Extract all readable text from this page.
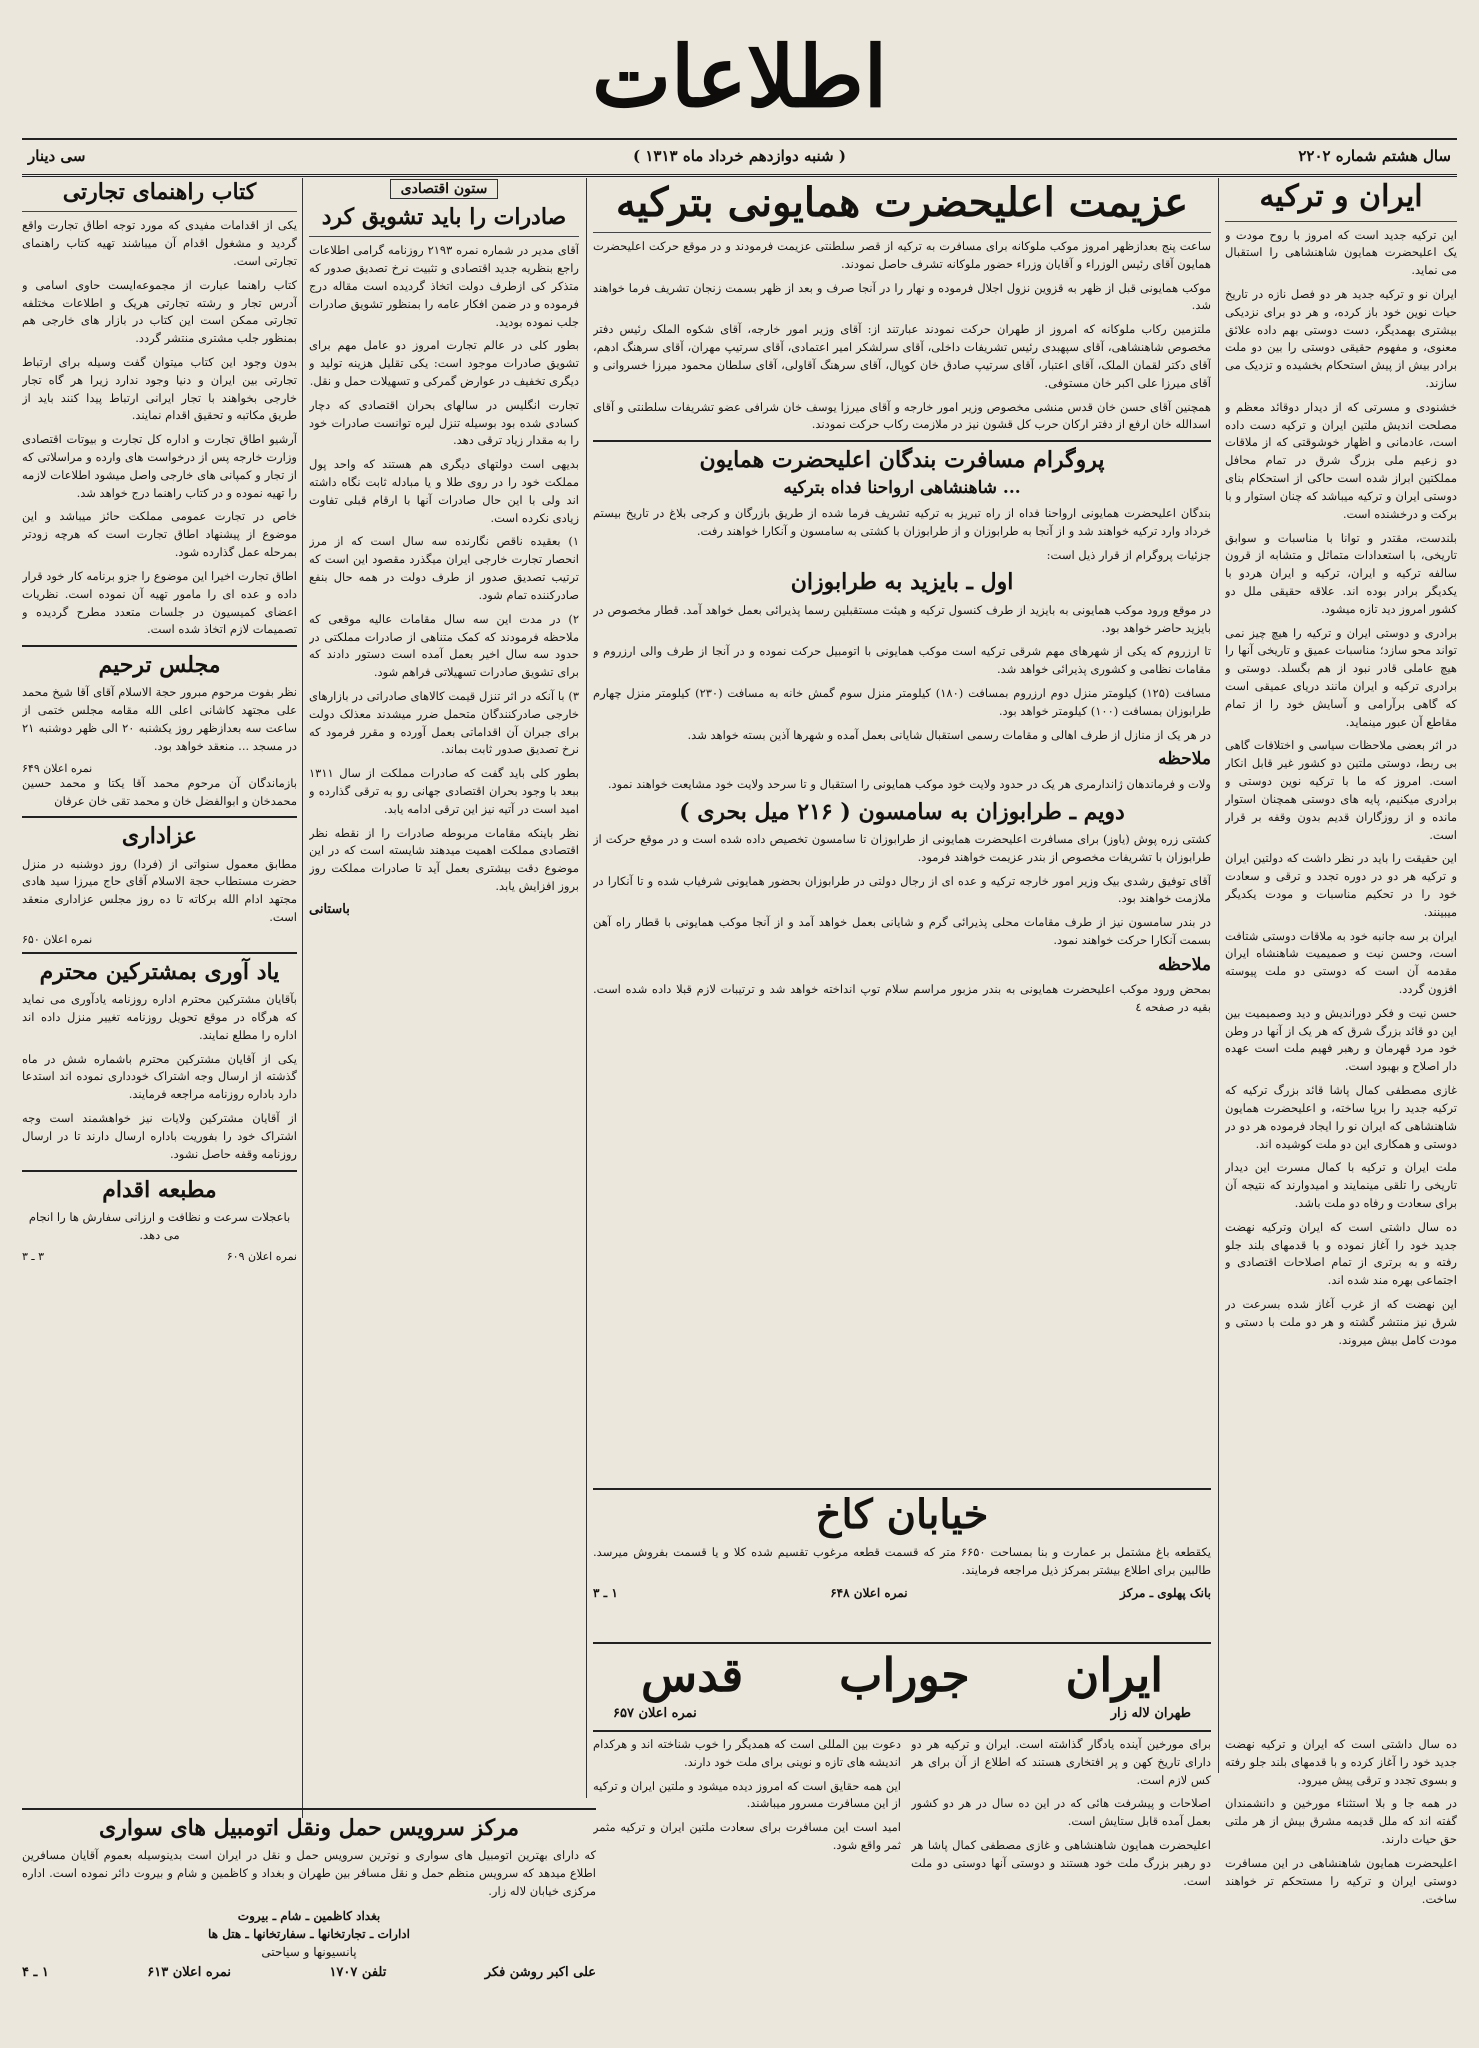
اطلاعات
سال هشتم شماره ۲۲۰۲
( شنبه دوازدهم خرداد ماه ۱۳۱۳ )
سی دینار
ایران و ترکیه

این ترکیه جدید است که امروز با روح مودت و یک اعلیحضرت همایون شاهنشاهی را استقبال می نماید.

ایران نو و ترکیه جدید هر دو فصل نازه در تاریخ حیات نوین خود باز کرده، و هر دو برای نزدیکی بیشتری بهمدیگر، دست دوستی بهم داده علائق معنوی، و مفهوم حقیقی دوستی را بین دو ملت برادر بیش از پیش استحکام بخشیده و تزدیک می سازند.

خشنودی و مسرتی که از دیدار دوقائد معظم و مصلحت اندیش ملتین ایران و ترکیه دست داده است، عادمانی و اظهار خوشوقتی که از ملاقات دو زعیم ملی بزرگ شرق در تمام محافل مملکتین ابراز شده است حاکی از استحکام بنای دوستی ایران و ترکیه میباشد که چنان استوار و با برکت و درخشنده است.

بلندست، مقتدر و توانا با مناسبات و سوابق تاریخی، با استعدادات متماثل و متشابه از قرون سالفه ترکیه و ایران، ترکیه و ایران هردو با یکدیگر برادر بوده اند. علاقه حقیقی ملل دو کشور امروز دید تازه میشود.

برادری و دوستی ایران و ترکیه را هیچ چیز نمی تواند محو سازد؛ مناسبات عمیق و تاریخی آنها را هیچ عاملی قادر نبود از هم بگسلد. دوستی و برادری ترکیه و ایران مانند دریای عمیقی است که گاهی برآرامی و آسایش خود را از تمام مقاطع آن عبور مینماید.

در اثر بعضی ملاحظات سیاسی و اختلافات گاهی بی ربط، دوستی ملتین دو کشور غیر قابل انکار است. امروز که ما با ترکیه نوین دوستی و برادری میکنیم، پایه های دوستی همچنان استوار مانده و از روزگاران قدیم بدون وقفه بر قرار است.

این حقیقت را باید در نظر داشت که دولتین ایران و ترکیه هر دو در دوره تجدد و ترقی و سعادت خود را در تحکیم مناسبات و مودت یکدیگر میبینند.

ایران بر سه جانبه خود به ملاقات دوستی شتافت است، وحسن نیت و صمیمیت شاهنشاه ایران مقدمه آن است که دوستی دو ملت پیوسته افزون گردد.

حسن نیت و فکر دوراندیش و دید وصمیمیت بین این دو قائد بزرگ شرق که هر یک از آنها در وطن خود مرد قهرمان و رهبر فهیم ملت است عهده دار اصلاح و بهبود است.

غازی مصطفی کمال پاشا قائد بزرگ ترکیه که ترکیه جدید را برپا ساخته، و اعلیحضرت همایون شاهنشاهی که ایران نو را ایجاد فرموده هر دو در دوستی و همکاری این دو ملت کوشیده اند.

ملت ایران و ترکیه با کمال مسرت این دیدار تاریخی را تلقی مینمایند و امیدوارند که نتیجه آن برای سعادت و رفاه دو ملت باشد.

ده سال داشتی است که ایران وترکیه نهضت جدید خود را آغاز نموده و با قدمهای بلند جلو رفته و به برتری از تمام اصلاحات اقتصادی و اجتماعی بهره مند شده اند.

این نهضت که از غرب آغاز شده بسرعت در شرق نیز منتشر گشته و هر دو ملت با دستی و مودت کامل بیش میروند.

عزیمت اعلیحضرت همایونی بترکیه

ساعت پنج بعدازظهر امروز موکب ملوکانه برای مسافرت به ترکیه از قصر سلطنتی عزیمت فرمودند و در موقع حرکت اعلیحضرت همایون آقای رئیس الوزراء و آقایان وزراء حضور ملوکانه تشرف حاصل نمودند.

موکب همایونی قبل از ظهر به قزوین نزول اجلال فرموده و نهار را در آنجا صرف و بعد از ظهر بسمت زنجان تشریف فرما خواهند شد.

ملتزمین رکاب ملوکانه که امروز از طهران حرکت نمودند عبارتند از: آقای وزیر امور خارجه، آقای شکوه الملک رئیس دفتر مخصوص شاهنشاهی، آقای سپهبدی رئیس تشریفات داخلی، آقای سرلشکر امیر اعتمادی، آقای سرتیپ مهران، آقای سرهنگ ادهم، آقای دکتر لقمان الملک، آقای اعتبار، آقای سرتیپ صادق خان کوپال، آقای سرهنگ آقاولی، آقای سلطان محمود میرزا خسروانی و آقای میرزا علی اکبر خان مستوفی.

همچنین آقای حسن خان قدس منشی مخصوص وزیر امور خارجه و آقای میرزا یوسف خان شرافی عضو تشریفات سلطنتی و آقای اسدالله خان ارفع از دفتر ارکان حرب کل قشون نیز در ملازمت رکاب حرکت نمودند.

پروگرام مسافرت بندگان اعلیحضرت همایون
... شاهنشاهی ارواحنا فداه بترکیه

بندگان اعلیحضرت همایونی ارواحنا فداه از راه تبریز به ترکیه تشریف فرما شده از طریق بازرگان و کرجی بلاغ در تاریخ بیستم خرداد وارد ترکیه خواهند شد و از آنجا به طرابوزان و از طرابوزان با کشتی به سامسون و آنکارا خواهند رفت.

جزئیات پروگرام از قرار ذیل است:

اول ـ بایزید به طرابوزان

در موقع ورود موکب همایونی به بایزید از طرف کنسول ترکیه و هیئت مستقبلین رسما پذیرائی بعمل خواهد آمد. قطار مخصوص در بایزید حاضر خواهد بود.

تا ارزروم که یکی از شهرهای مهم شرقی ترکیه است موکب همایونی با اتومبیل حرکت نموده و در آنجا از طرف والی ارزروم و مقامات نظامی و کشوری پذیرائی خواهد شد.

مسافت (۱۲۵) کیلومتر منزل دوم ارزروم بمسافت (۱۸۰) کیلومتر منزل سوم گمش خانه به مسافت (۲۳۰) کیلومتر منزل چهارم طرابوزان بمسافت (۱۰۰) کیلومتر خواهد بود.

در هر یک از منازل از طرف اهالی و مقامات رسمی استقبال شایانی بعمل آمده و شهرها آذین بسته خواهد شد.

ملاحظه

ولات و فرماندهان ژاندارمری هر یک در حدود ولایت خود موکب همایونی را استقبال و تا سرحد ولایت خود مشایعت خواهند نمود.

دویم ـ طرابوزان به سامسون ( ۲۱۶ میل بحری )

کشتی زره پوش (یاوز) برای مسافرت اعلیحضرت همایونی از طرابوزان تا سامسون تخصیص داده شده است و در موقع حرکت از طرابوزان با تشریفات مخصوص از بندر عزیمت خواهند فرمود.

آقای توفیق رشدی بیک وزیر امور خارجه ترکیه و عده ای از رجال دولتی در طرابوزان بحضور همایونی شرفیاب شده و تا آنکارا در ملازمت خواهند بود.

در بندر سامسون نیز از طرف مقامات محلی پذیرائی گرم و شایانی بعمل خواهد آمد و از آنجا موکب همایونی با قطار راه آهن بسمت آنکارا حرکت خواهند نمود.

ملاحظه

بمحض ورود موکب اعلیحضرت همایونی به بندر مزبور مراسم سلام توپ انداخته خواهد شد و ترتیبات لازم قبلا داده شده است. بقیه در صفحه ٤

خیابان کاخ

یکقطعه باغ مشتمل بر عمارت و بنا بمساحت ۶۶۵۰ متر که قسمت قطعه مرغوب تقسیم شده کلا و یا قسمت بفروش میرسد. طالبین برای اطلاع بیشتر بمرکز ذیل مراجعه فرمایند.

بانک پهلوی ـ مرکز
نمره اعلان ۶۴۸
۱ ـ ۳
ایران
جوراب
قدس
طهران لاله زار
نمره اعلان ۶۵۷

ده سال داشتی است که ایران و ترکیه نهضت جدید خود را آغاز کرده و با قدمهای بلند جلو رفته و بسوی تجدد و ترقی پیش میرود.

در همه جا و بلا استثناء مورخین و دانشمندان گفته اند که ملل قدیمه مشرق بیش از هر ملتی حق حیات دارند.

اعلیحضرت همایون شاهنشاهی در این مسافرت دوستی ایران و ترکیه را مستحکم تر خواهند ساخت.

برای مورخین آینده یادگار گذاشته است. ایران و ترکیه هر دو دارای تاریخ کهن و پر افتخاری هستند که اطلاع از آن برای هر کس لازم است.

اصلاحات و پیشرفت هائی که در این ده سال در هر دو کشور بعمل آمده قابل ستایش است.

اعلیحضرت همایون شاهنشاهی و غازی مصطفی کمال پاشا هر دو رهبر بزرگ ملت خود هستند و دوستی آنها دوستی دو ملت است.

دعوت بین المللی است که همدیگر را خوب شناخته اند و هرکدام اندیشه های تازه و نوینی برای ملت خود دارند.

این همه حقایق است که امروز دیده میشود و ملتین ایران و ترکیه از این مسافرت مسرور میباشند.

امید است این مسافرت برای سعادت ملتین ایران و ترکیه مثمر ثمر واقع شود.

ستون اقتصادی
صادرات را باید تشویق کرد

آقای مدیر در شماره نمره ۲۱۹۳ روزنامه گرامی اطلاعات راجع بنظریه جدید اقتصادی و تثبیت نرخ تصدیق صدور که متذکر کی ازطرف دولت اتخاذ گردیده است مقاله درج فرموده و در ضمن افکار عامه را بمنظور تشویق صادرات جلب نموده بودید.

بطور کلی در عالم تجارت امروز دو عامل مهم برای تشویق صادرات موجود است: یکی تقلیل هزینه تولید و دیگری تخفیف در عوارض گمرکی و تسهیلات حمل و نقل.

تجارت انگلیس در سالهای بحران اقتصادی که دچار کسادی شده بود بوسیله تنزل لیره توانست صادرات خود را به مقدار زیاد ترقی دهد.

بدیهی است دولتهای دیگری هم هستند که واحد پول مملکت خود را در روی طلا و یا مبادله ثابت نگاه داشته اند ولی با این حال صادرات آنها با ارقام قبلی تفاوت زیادی نکرده است.

۱) بعقیده ناقص نگارنده سه سال است که از مرز انحصار تجارت خارجی ایران میگذرد مقصود این است که ترتیب تصدیق صدور از طرف دولت در همه حال بنفع صادرکننده تمام شود.

۲) در مدت این سه سال مقامات عالیه موقعی که ملاحظه فرمودند که کمک متناهی از صادرات مملکتی در حدود سه سال اخیر بعمل آمده است دستور دادند که برای تشویق صادرات تسهیلاتی فراهم شود.

۳) با آنکه در اثر تنزل قیمت کالاهای صادراتی در بازارهای خارجی صادرکنندگان متحمل ضرر میشدند معذلک دولت برای جبران آن اقداماتی بعمل آورده و مقرر فرمود که نرخ تصدیق صدور ثابت بماند.

بطور کلی باید گفت که صادرات مملکت از سال ۱۳۱۱ ببعد با وجود بحران اقتصادی جهانی رو به ترقی گذارده و امید است در آتیه نیز این ترقی ادامه یابد.

نظر باینکه مقامات مربوطه صادرات را از نقطه نظر اقتصادی مملکت اهمیت میدهند شایسته است که در این موضوع دقت بیشتری بعمل آید تا صادرات مملکت روز بروز افزایش یابد.

باستانی
کتاب راهنمای تجارتی

یکی از اقدامات مفیدی که مورد توجه اطاق تجارت واقع گردید و مشغول اقدام آن میباشند تهیه کتاب راهنمای تجارتی است.

کتاب راهنما عبارت از مجموعه‌ایست حاوی اسامی و آدرس تجار و رشته تجارتی هریک و اطلاعات مختلفه تجارتی ممکن است این کتاب در بازار های خارجی هم بمنظور جلب مشتری منتشر گردد.

بدون وجود این کتاب میتوان گفت وسیله برای ارتباط تجارتی بین ایران و دنیا وجود ندارد زیرا هر گاه تجار خارجی بخواهند با تجار ایرانی ارتباط پیدا کنند باید از طریق مکاتبه و تحقیق اقدام نمایند.

آرشیو اطاق تجارت و اداره کل تجارت و بیوتات اقتصادی وزارت خارجه پس از درخواست های وارده و مراسلاتی که از تجار و کمپانی های خارجی واصل میشود اطلاعات لازمه را تهیه نموده و در کتاب راهنما درج خواهد شد.

خاص در تجارت عمومی مملکت حائز میباشد و این موضوع از پیشنهاد اطاق تجارت است که هرچه زودتر بمرحله عمل گذارده شود.

اطاق تجارت اخیرا این موضوع را جزو برنامه کار خود قرار داده و عده ای را مامور تهیه آن نموده است. نظریات اعضای کمیسیون در جلسات متعدد مطرح گردیده و تصمیمات لازم اتخاذ شده است.

مجلس ترحیم

نظر بفوت مرحوم مبرور حجة الاسلام آقای آقا شیخ محمد علی مجتهد کاشانی اعلی الله مقامه مجلس ختمی از ساعت سه بعدازظهر روز یکشنبه ۲۰ الی ظهر دوشنبه ۲۱ در مسجد ... منعقد خواهد بود.

نمره اعلان ۶۴۹

بازماندگان آن مرحوم محمد آقا یکتا و محمد حسین محمدخان و ابوالفضل خان و محمد تقی خان عرفان

عزاداری

مطابق معمول سنواتی از (فردا) روز دوشنبه در منزل حضرت مستطاب حجة الاسلام آقای حاج میرزا سید هادی مجتهد ادام الله برکاته تا ده روز مجلس عزاداری منعقد است.

نمره اعلان ۶۵۰
یاد آوری بمشترکین محترم

بآقایان مشترکین محترم اداره روزنامه یادآوری می نماید که هرگاه در موقع تحویل روزنامه تغییر منزل داده اند اداره را مطلع نمایند.

یکی از آقایان مشترکین محترم باشماره شش در ماه گذشته از ارسال وجه اشتراک خودداری نموده اند استدعا دارد باداره روزنامه مراجعه فرمایند.

از آقایان مشترکین ولایات نیز خواهشمند است وجه اشتراک خود را بفوریت باداره ارسال دارند تا در ارسال روزنامه وقفه حاصل نشود.

مطبعه اقدام

باعجلات سرعت و نظافت و ارزانی سفارش ها را انجام می دهد.

نمره اعلان ۶۰۹
۳ ـ ۳
مرکز سرویس حمل ونقل اتومبیل های سواری

که دارای بهترین اتومبیل های سواری و نوترین سرویس حمل و نقل در ایران است بدینوسیله بعموم آقایان مسافرین اطلاع میدهد که سرویس منظم حمل و نقل مسافر بین طهران و بغداد و کاظمین و شام و بیروت دائر نموده است. اداره مرکزی خیابان لاله زار.

بغداد کاظمین ـ شام ـ بیروت
ادارات ـ تجارتخانها ـ سفارتخانها ـ هتل ها
پانسیونها و سیاحتی
علی اکبر روشن فکر
تلفن ۱۷۰۷
نمره اعلان ۶۱۳
۱ ـ ۴
